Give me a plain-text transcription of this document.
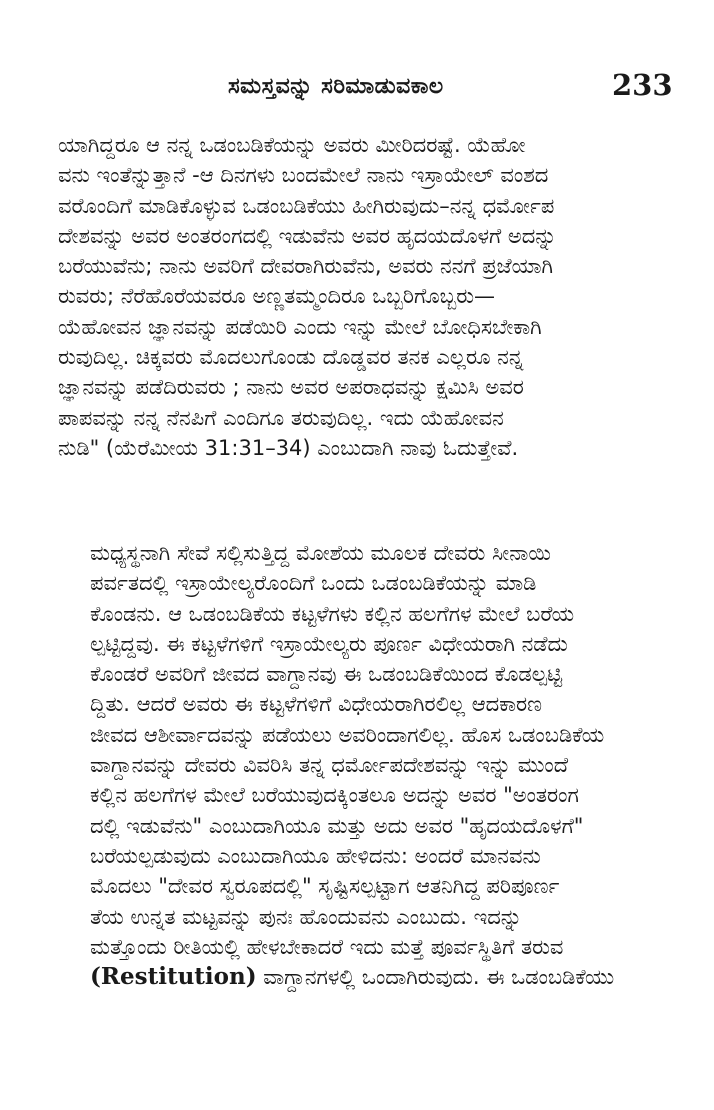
ಸಮಸ್ತವನ್ನು ಸರಿಮಾಡುವಕಾಲ	233
ಯಾಗಿದ್ದರೂ ಆ ನನ್ನ ಒಡಂಬಡಿಕೆಯನ್ನು ಅವರು ಮೀರಿದರಷ್ಟೆ. ಯೆಹೋ
ವನು ಇಂತೆನ್ನುತ್ತಾನೆ -ಆ ದಿನಗಳು ಬಂದಮೇಲೆ ನಾನು ಇಸ್ರಾಯೇಲ್ ವಂಶದ
ವರೊಂದಿಗೆ ಮಾಡಿಕೊಳ್ಳುವ ಒಡಂಬಡಿಕೆಯು ಹೀಗಿರುವುದು–ನನ್ನ ಧರ್ಮೋಪ
ದೇಶವನ್ನು ಅವರ ಅಂತರಂಗದಲ್ಲಿ ಇಡುವೆನು ಅವರ ಹೃದಯದೊಳಗೆ ಅದನ್ನು
ಬರೆಯುವೆನು; ನಾನು ಅವರಿಗೆ ದೇವರಾಗಿರುವೆನು, ಅವರು ನನಗೆ ಪ್ರಜೆಯಾಗಿ
ರುವರು; ನೆರೆಹೊರೆಯವರೂ ಅಣ್ಣತಮ್ಮಂದಿರೂ ಒಬ್ಬರಿಗೊಬ್ಬರು—
ಯೆಹೋವನ ಜ್ಞಾನವನ್ನು ಪಡೆಯಿರಿ ಎಂದು ಇನ್ನು ಮೇಲೆ ಬೋಧಿಸಬೇಕಾಗಿ
ರುವುದಿಲ್ಲ. ಚಿಕ್ಕವರು ಮೊದಲುಗೊಂಡು ದೊಡ್ಡವರ ತನಕ ಎಲ್ಲರೂ ನನ್ನ
ಜ್ಞಾನವನ್ನು ಪಡೆದಿರುವರು ; ನಾನು ಅವರ ಅಪರಾಧವನ್ನು ಕ್ಷಮಿಸಿ ಅವರ
ಪಾಪವನ್ನು ನನ್ನ ನೆನಪಿಗೆ ಎಂದಿಗೂ ತರುವುದಿಲ್ಲ. ಇದು ಯೆಹೋವನ
ನುಡಿ" (ಯೆರೆಮೀಯ 31:31–34) ಎಂಬುದಾಗಿ ನಾವು ಓದುತ್ತೇವೆ.
ಮಧ್ಯಸ್ಥನಾಗಿ ಸೇವೆ ಸಲ್ಲಿಸುತ್ತಿದ್ದ ಮೋಶೆಯ ಮೂಲಕ ದೇವರು ಸೀನಾಯಿ
ಪರ್ವತದಲ್ಲಿ ಇಸ್ರಾಯೇಲ್ಯರೊಂದಿಗೆ ಒಂದು ಒಡಂಬಡಿಕೆಯನ್ನು ಮಾಡಿ
ಕೊಂಡನು. ಆ ಒಡಂಬಡಿಕೆಯ ಕಟ್ಟಳೆಗಳು ಕಲ್ಲಿನ ಹಲಗೆಗಳ ಮೇಲೆ ಬರೆಯ
ಲ್ಪಟ್ಟಿದ್ದವು. ಈ ಕಟ್ಟಳೆಗಳಿಗೆ ಇಸ್ರಾಯೇಲ್ಯರು ಪೂರ್ಣ ವಿಧೇಯರಾಗಿ ನಡೆದು
ಕೊಂಡರೆ ಅವರಿಗೆ ಜೀವದ ವಾಗ್ದಾನವು ಈ ಒಡಂಬಡಿಕೆಯಿಂದ ಕೊಡಲ್ಪಟ್ಟಿ
ದ್ದಿತು. ಆದರೆ ಅವರು ಈ ಕಟ್ಟಳೆಗಳಿಗೆ ವಿಧೇಯರಾಗಿರಲಿಲ್ಲ ಆದಕಾರಣ
ಜೀವದ ಆಶೀರ್ವಾದವನ್ನು ಪಡೆಯಲು ಅವರಿಂದಾಗಲಿಲ್ಲ. ಹೊಸ ಒಡಂಬಡಿಕೆಯ
ವಾಗ್ದಾನವನ್ನು ದೇವರು ವಿವರಿಸಿ ತನ್ನ ಧರ್ಮೋಪದೇಶವನ್ನು ಇನ್ನು ಮುಂದೆ
ಕಲ್ಲಿನ ಹಲಗೆಗಳ ಮೇಲೆ ಬರೆಯುವುದಕ್ಕಿಂತಲೂ ಅದನ್ನು ಅವರ "ಅಂತರಂಗ
ದಲ್ಲಿ ಇಡುವೆನು" ಎಂಬುದಾಗಿಯೂ ಮತ್ತು ಅದು ಅವರ "ಹೃದಯದೊಳಗೆ"
ಬರೆಯಲ್ಪಡುವುದು ಎಂಬುದಾಗಿಯೂ ಹೇಳಿದನು: ಅಂದರೆ ಮಾನವನು
ಮೊದಲು "ದೇವರ ಸ್ವರೂಪದಲ್ಲಿ" ಸೃಷ್ಟಿಸಲ್ಪಟ್ಟಾಗ ಆತನಿಗಿದ್ದ ಪರಿಪೂರ್ಣ
ತೆಯ ಉನ್ನತ ಮಟ್ಟವನ್ನು ಪುನಃ ಹೊಂದುವನು ಎಂಬುದು. ಇದನ್ನು
ಮತ್ತೊಂದು ರೀತಿಯಲ್ಲಿ ಹೇಳಬೇಕಾದರೆ ಇದು ಮತ್ತೆ ಪೂರ್ವಸ್ಥಿತಿಗೆ ತರುವ
(Restitution) ವಾಗ್ದಾನಗಳಲ್ಲಿ ಒಂದಾಗಿರುವುದು. ಈ ಒಡಂಬಡಿಕೆಯು
